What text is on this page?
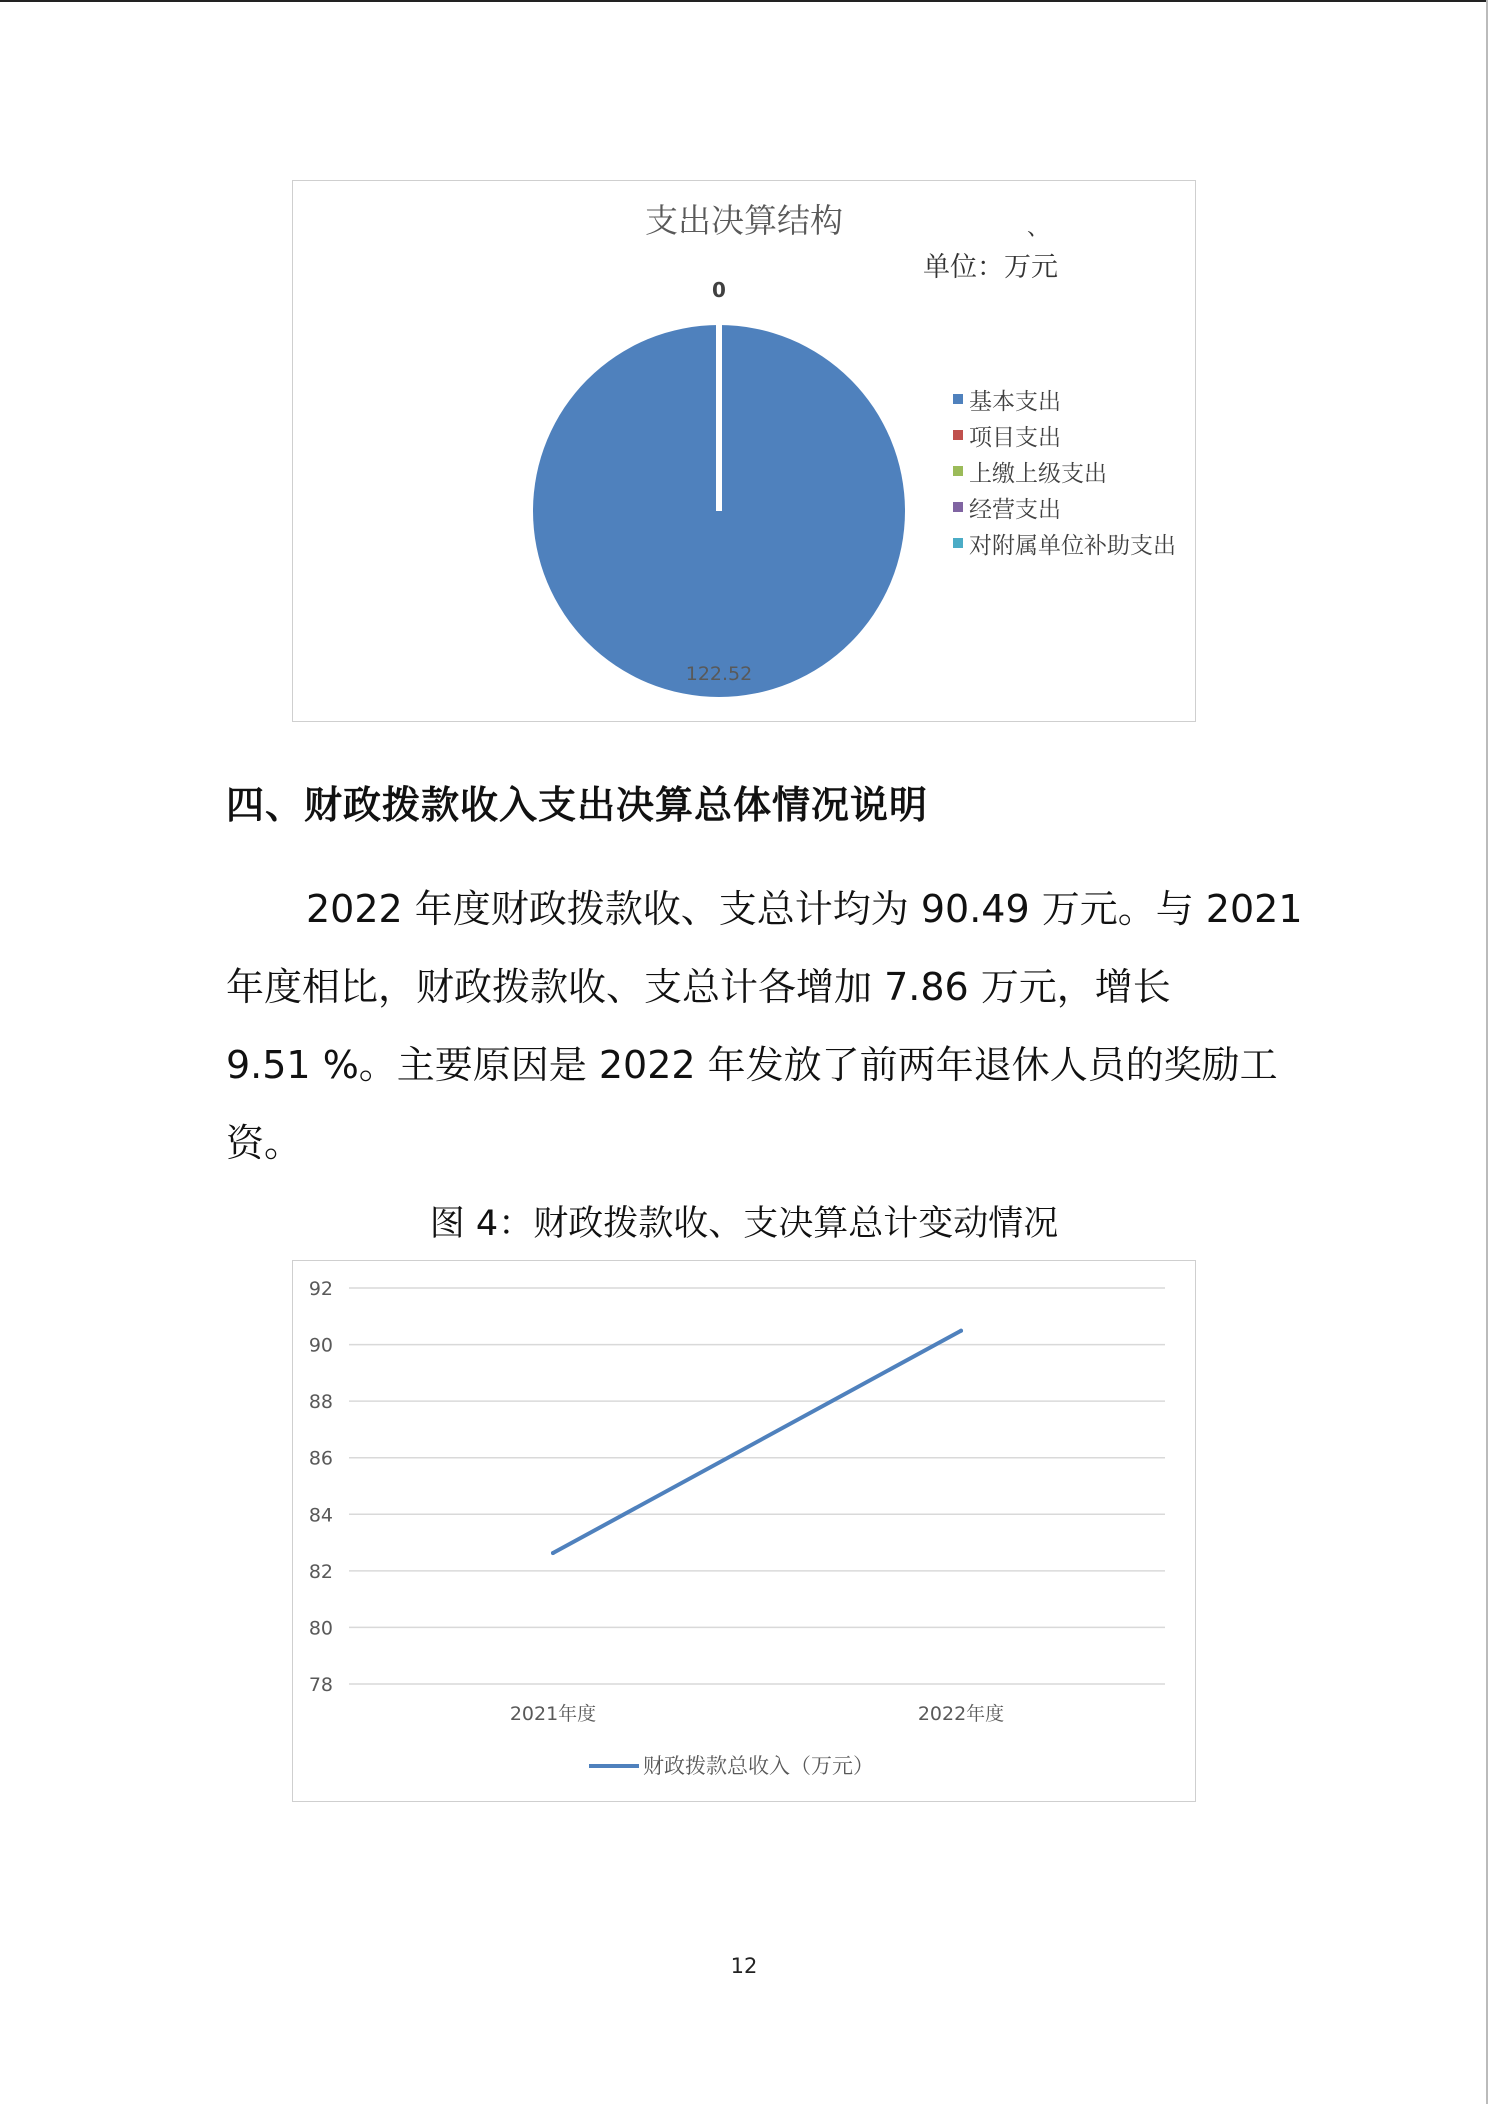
支出决算结构	、
单位：万元
0
122.52
基本支出
项目支出
上缴上级支出
经营支出
对附属单位补助支出
四、财政拨款收入支出决算总体情况说明
2022 年度财政拨款收、支总计均为 90.49 万元。与 2021
年度相比，财政拨款收、支总计各增加 7.86 万元，增长
9.51 %。主要原因是 2022 年发放了前两年退休人员的奖励工
资。
图 4：财政拨款收、支决算总计变动情况
92
90
88
86
84
82
80
78
2021年度	2022年度
财政拨款总收入（万元）
12
